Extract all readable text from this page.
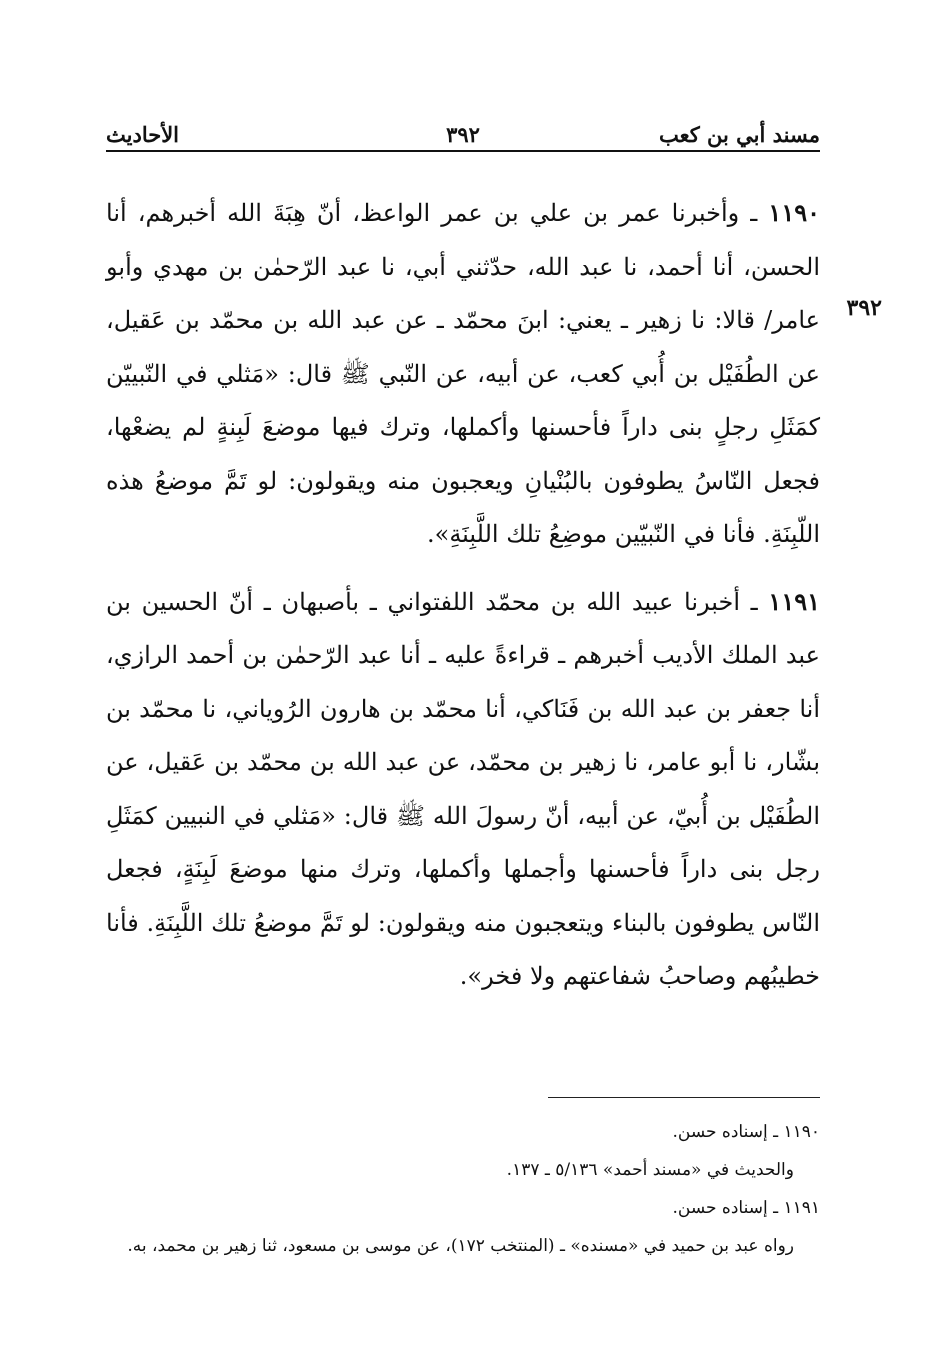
مسند أبي بن كعب
٣٩٢
الأحاديث
٣٩٢

١١٩٠ ـ وأخبرنا عمر بن علي بن عمر الواعظ، أنّ هِبَةَ الله أخبرهم، أنا الحسن، أنا أحمد، نا عبد الله، حدّثني أبي، نا عبد الرّحمٰن بن مهدي وأبو عامر/ قالا: نا زهير ـ يعني: ابنَ محمّد ـ عن عبد الله بن محمّد بن عَقيل، عن الطُفَيْل بن أُبي كعب، عن أبيه، عن النّبي ﷺ قال: «مَثلي في النّبييّن كمَثَلِ رجلٍ بنى داراً فأحسنها وأكملها، وترك فيها موضعَ لَبِنةٍ لم يضعْها، فجعل النّاسُ يطوفون بالبُنْيانِ ويعجبون منه ويقولون: لو تَمَّ موضعُ هذه اللّبِنَةِ. فأنا في النّبيّين موضِعُ تلك اللَّبِنَةِ».

١١٩١ ـ أخبرنا عبيد الله بن محمّد اللفتواني ـ بأصبهان ـ أنّ الحسين بن عبد الملك الأديب أخبرهم ـ قراءةً عليه ـ أنا عبد الرّحمٰن بن أحمد الرازي، أنا جعفر بن عبد الله بن فَنَاكي، أنا محمّد بن هارون الرُوياني، نا محمّد بن بشّار، نا أبو عامر، نا زهير بن محمّد، عن عبد الله بن محمّد بن عَقيل، عن الطُفَيْل بن أُبيّ، عن أبيه، أنّ رسولَ الله ﷺ قال: «مَثلي في النبيين كمَثَلِ رجل بنى داراً فأحسنها وأجملها وأكملها، وترك منها موضعَ لَبِنَةٍ، فجعل النّاس يطوفون بالبناء ويتعجبون منه ويقولون: لو تَمَّ موضعُ تلك اللَّبِنَةِ. فأنا خطيبُهم وصاحبُ شفاعتهم ولا فخر».

١١٩٠ ـ إسناده حسن.

والحديث في «مسند أحمد» ٥/١٣٦ ـ ١٣٧.

١١٩١ ـ إسناده حسن.

رواه عبد بن حميد في «مسنده» ـ (المنتخب ١٧٢)، عن موسى بن مسعود، ثنا زهير بن محمد، به.
